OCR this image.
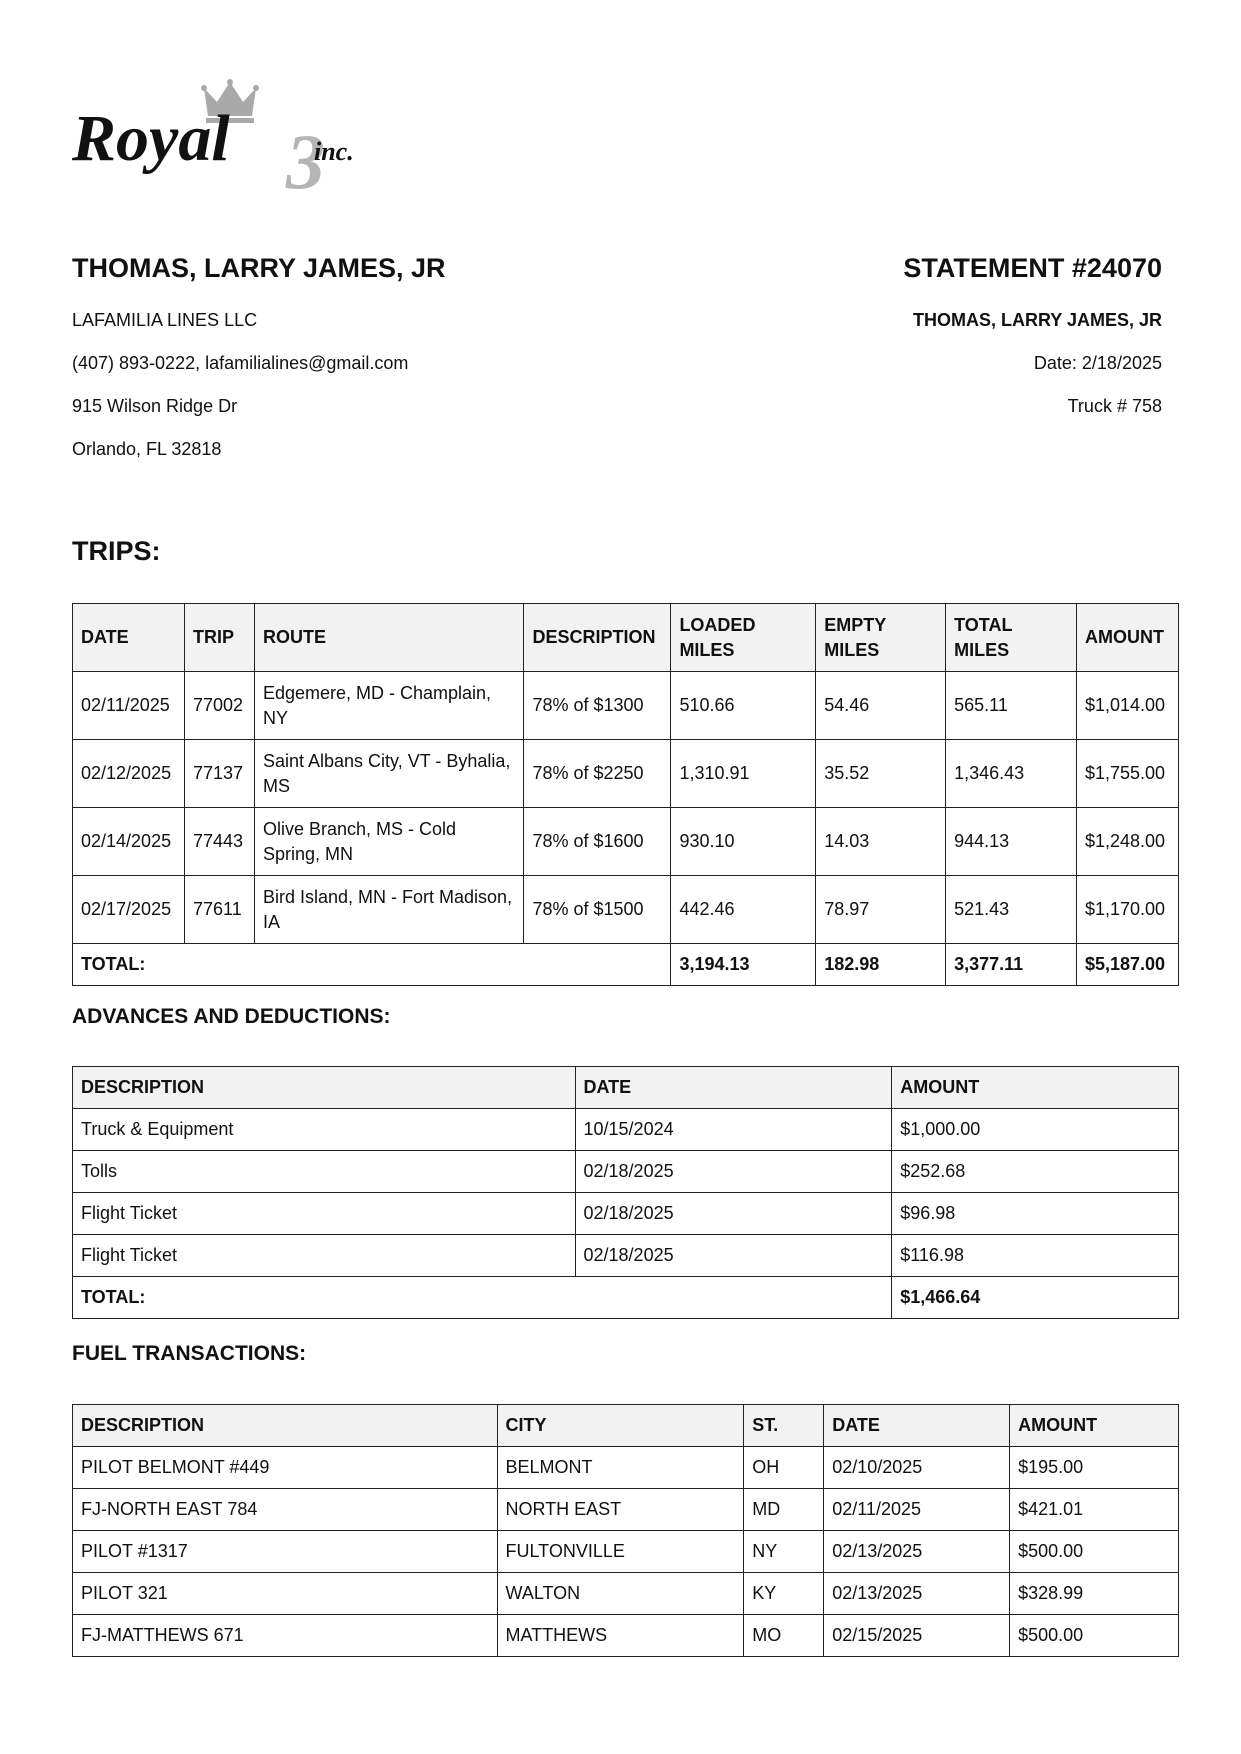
3
Royal	inc.
THOMAS, LARRY JAMES, JR

LAFAMILIA LINES LLC

(407) 893-0222, lafamilialines@gmail.com

915 Wilson Ridge Dr

Orlando, FL 32818

STATEMENT #24070

THOMAS, LARRY JAMES, JR

Date: 2/18/2025

Truck # 758

TRIPS:
DATE	TRIP	ROUTE	DESCRIPTION	LOADED MILES	EMPTY MILES	TOTAL MILES	AMOUNT
02/11/2025	77002	Edgemere, MD - Champlain, NY	78% of $1300	510.66	54.46	565.11	$1,014.00
02/12/2025	77137	Saint Albans City, VT - Byhalia, MS	78% of $2250	1,310.91	35.52	1,346.43	$1,755.00
02/14/2025	77443	Olive Branch, MS - Cold Spring, MN	78% of $1600	930.10	14.03	944.13	$1,248.00
02/17/2025	77611	Bird Island, MN - Fort Madison, IA	78% of $1500	442.46	78.97	521.43	$1,170.00
TOTAL:				3,194.13	182.98	3,377.11	$5,187.00
ADVANCES AND DEDUCTIONS:
DESCRIPTION	DATE	AMOUNT
Truck & Equipment	10/15/2024	$1,000.00
Tolls	02/18/2025	$252.68
Flight Ticket	02/18/2025	$96.98
Flight Ticket	02/18/2025	$116.98
TOTAL:		$1,466.64
FUEL TRANSACTIONS:
DESCRIPTION	CITY	ST.	DATE	AMOUNT
PILOT BELMONT #449	BELMONT	OH	02/10/2025	$195.00
FJ-NORTH EAST 784	NORTH EAST	MD	02/11/2025	$421.01
PILOT #1317	FULTONVILLE	NY	02/13/2025	$500.00
PILOT 321	WALTON	KY	02/13/2025	$328.99
FJ-MATTHEWS 671	MATTHEWS	MO	02/15/2025	$500.00
